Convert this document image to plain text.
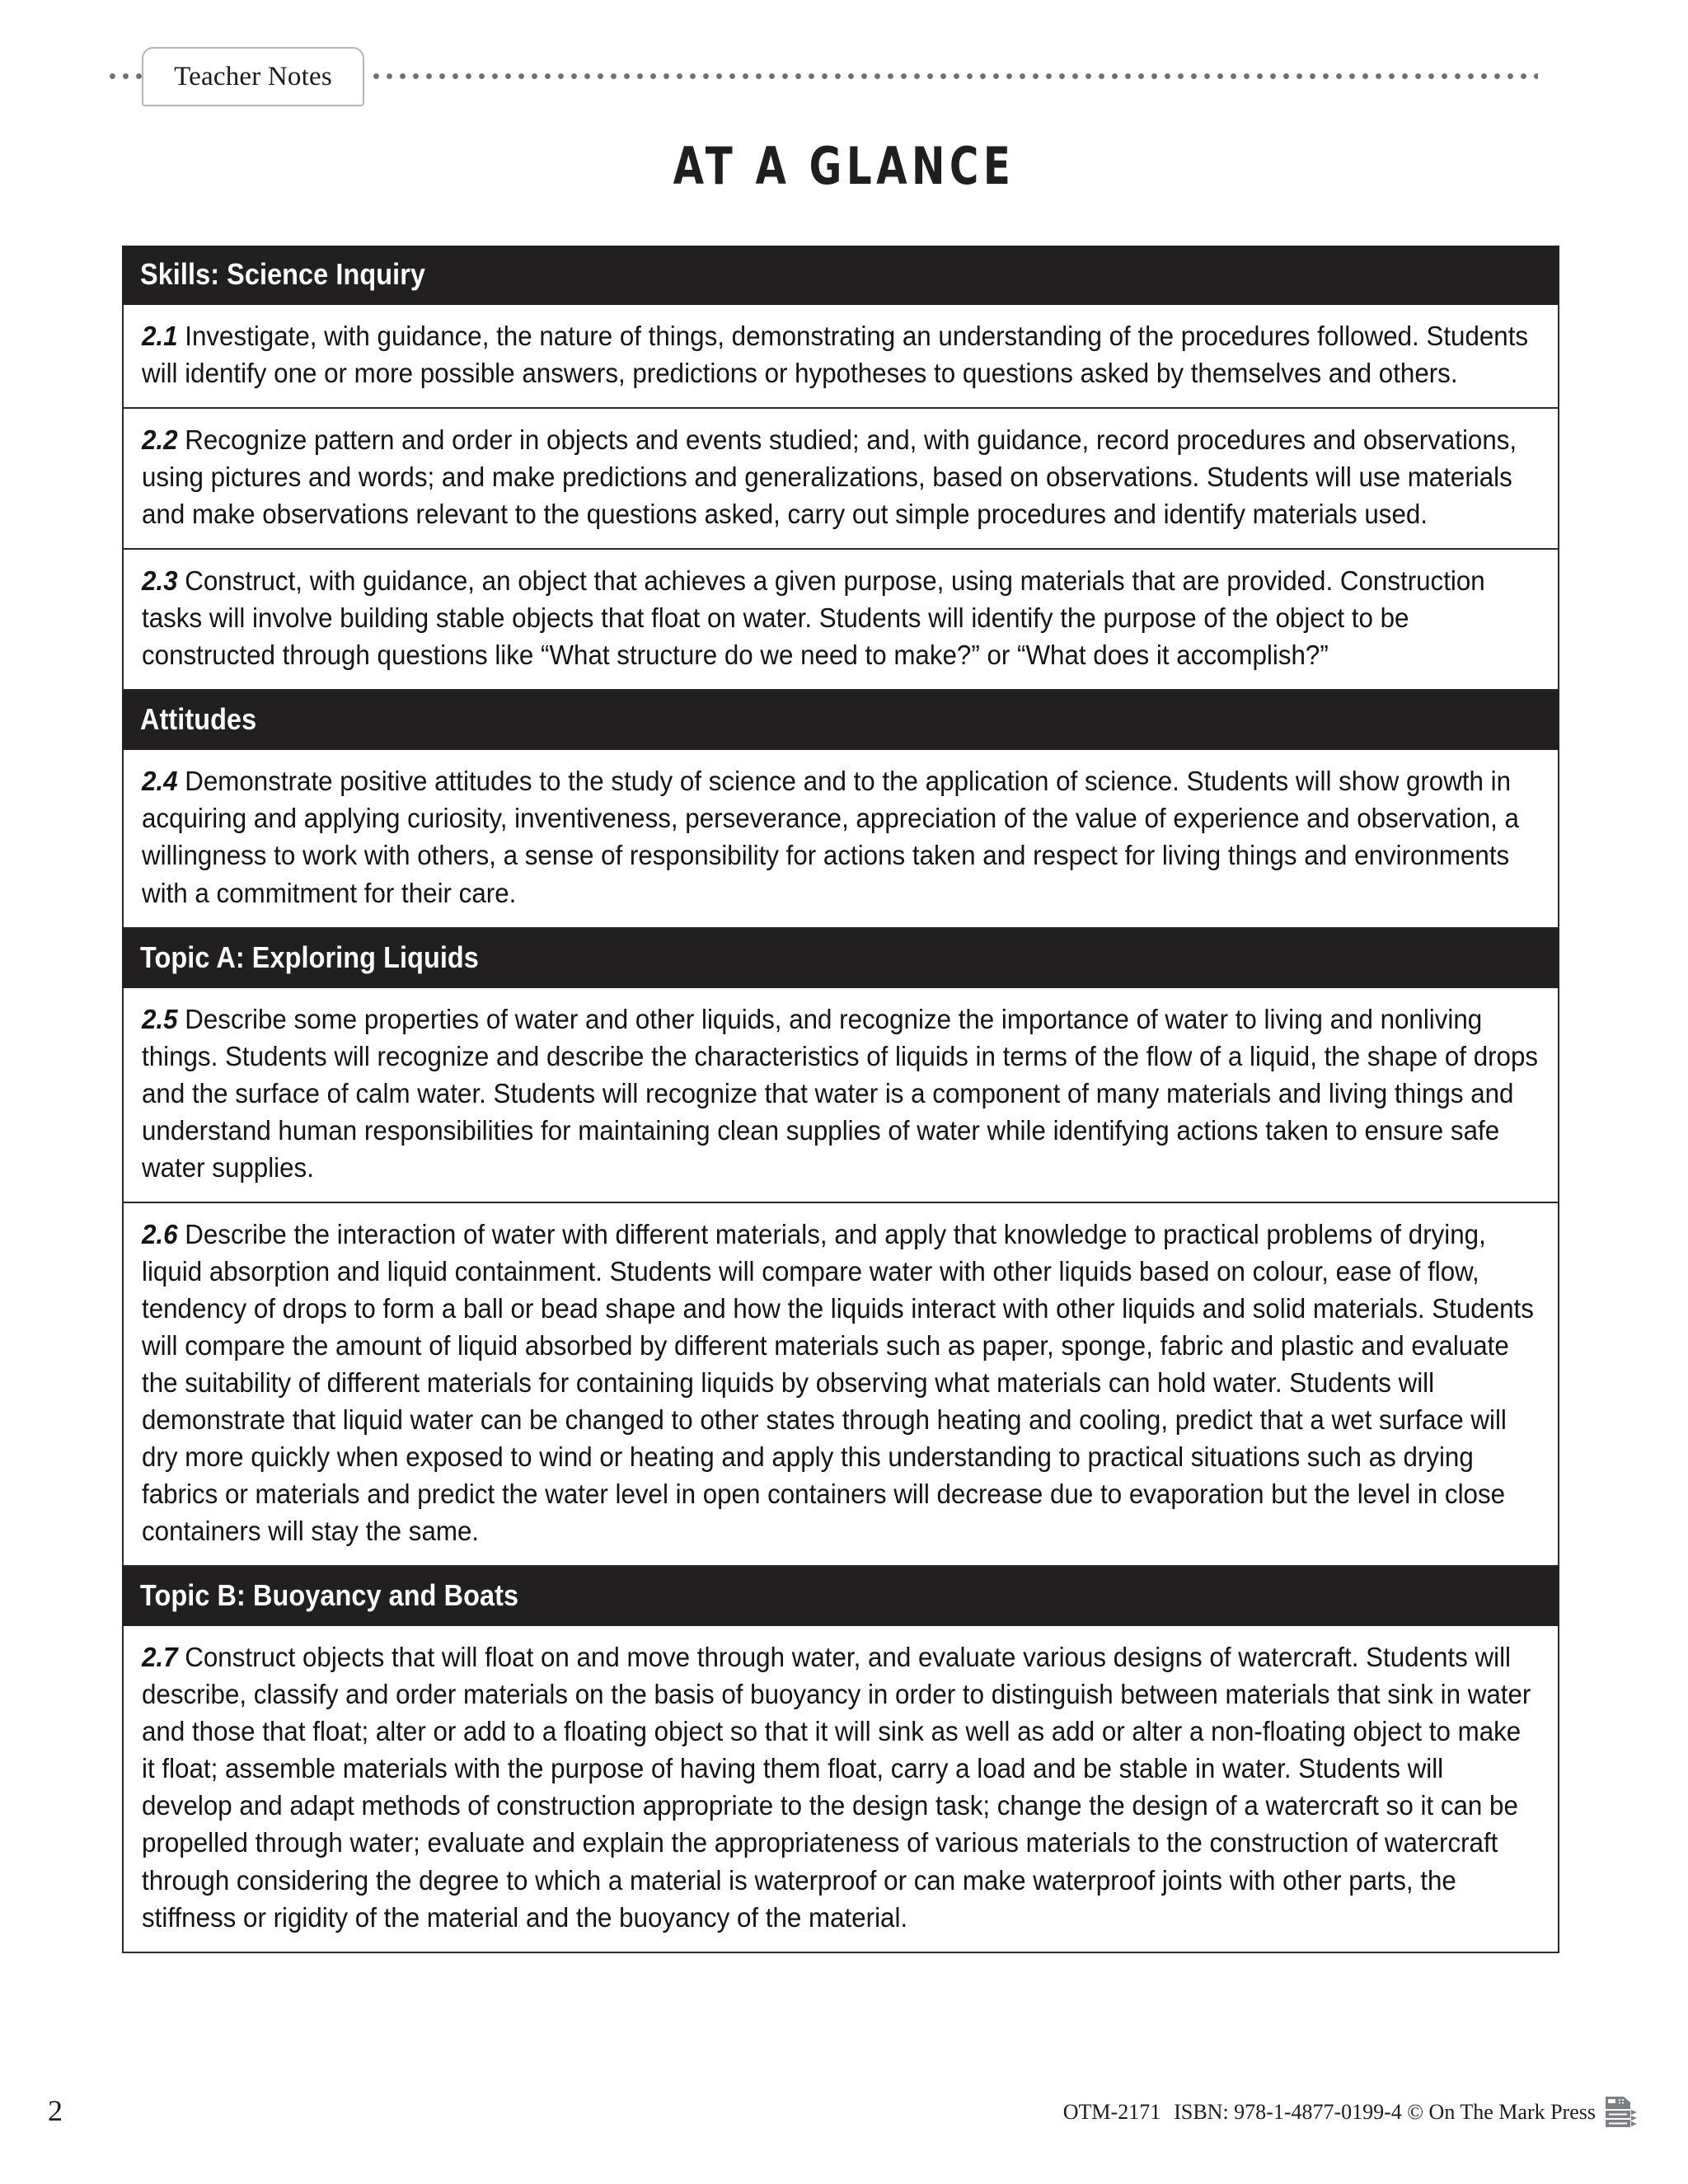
Teacher Notes
AT A GLANCE
Skills: Science Inquiry
2.1 Investigate, with guidance, the nature of things, demonstrating an understanding of the procedures followed. Students will identify one or more possible answers, predictions or hypotheses to questions asked by themselves and others.
2.2 Recognize pattern and order in objects and events studied; and, with guidance, record procedures and observations, using pictures and words; and make predictions and generalizations, based on observations. Students will use materials and make observations relevant to the questions asked, carry out simple procedures and identify materials used.
2.3 Construct, with guidance, an object that achieves a given purpose, using materials that are provided. Construction tasks will involve building stable objects that float on water. Students will identify the purpose of the object to be constructed through questions like “What structure do we need to make?” or “What does it accomplish?”
Attitudes
2.4 Demonstrate positive attitudes to the study of science and to the application of science. Students will show growth in acquiring and applying curiosity, inventiveness, perseverance, appreciation of the value of experience and observation, a willingness to work with others, a sense of responsibility for actions taken and respect for living things and environments with a commitment for their care.
Topic A: Exploring Liquids
2.5 Describe some properties of water and other liquids, and recognize the importance of water to living and nonliving things. Students will recognize and describe the characteristics of liquids in terms of the flow of a liquid, the shape of drops and the surface of calm water. Students will recognize that water is a component of many materials and living things and understand human responsibilities for maintaining clean supplies of water while identifying actions taken to ensure safe water supplies.
2.6 Describe the interaction of water with different materials, and apply that knowledge to practical problems of drying, liquid absorption and liquid containment. Students will compare water with other liquids based on colour, ease of flow, tendency of drops to form a ball or bead shape and how the liquids interact with other liquids and solid materials. Students will compare the amount of liquid absorbed by different materials such as paper, sponge, fabric and plastic and evaluate the suitability of different materials for containing liquids by observing what materials can hold water. Students will demonstrate that liquid water can be changed to other states through heating and cooling, predict that a wet surface will dry more quickly when exposed to wind or heating and apply this understanding to practical situations such as drying fabrics or materials and predict the water level in open containers will decrease due to evaporation but the level in close containers will stay the same.
Topic B: Buoyancy and Boats
2.7 Construct objects that will float on and move through water, and evaluate various designs of watercraft. Students will describe, classify and order materials on the basis of buoyancy in order to distinguish between materials that sink in water and those that float; alter or add to a floating object so that it will sink as well as add or alter a non-floating object to make it float; assemble materials with the purpose of having them float, carry a load and be stable in water. Students will develop and adapt methods of construction appropriate to the design task; change the design of a watercraft so it can be propelled through water; evaluate and explain the appropriateness of various materials to the construction of watercraft through considering the degree to which a material is waterproof or can make waterproof joints with other parts, the stiffness or rigidity of the material and the buoyancy of the material.
2	OTM-2171 ISBN: 978-1-4877-0199-4 © On The Mark Press
